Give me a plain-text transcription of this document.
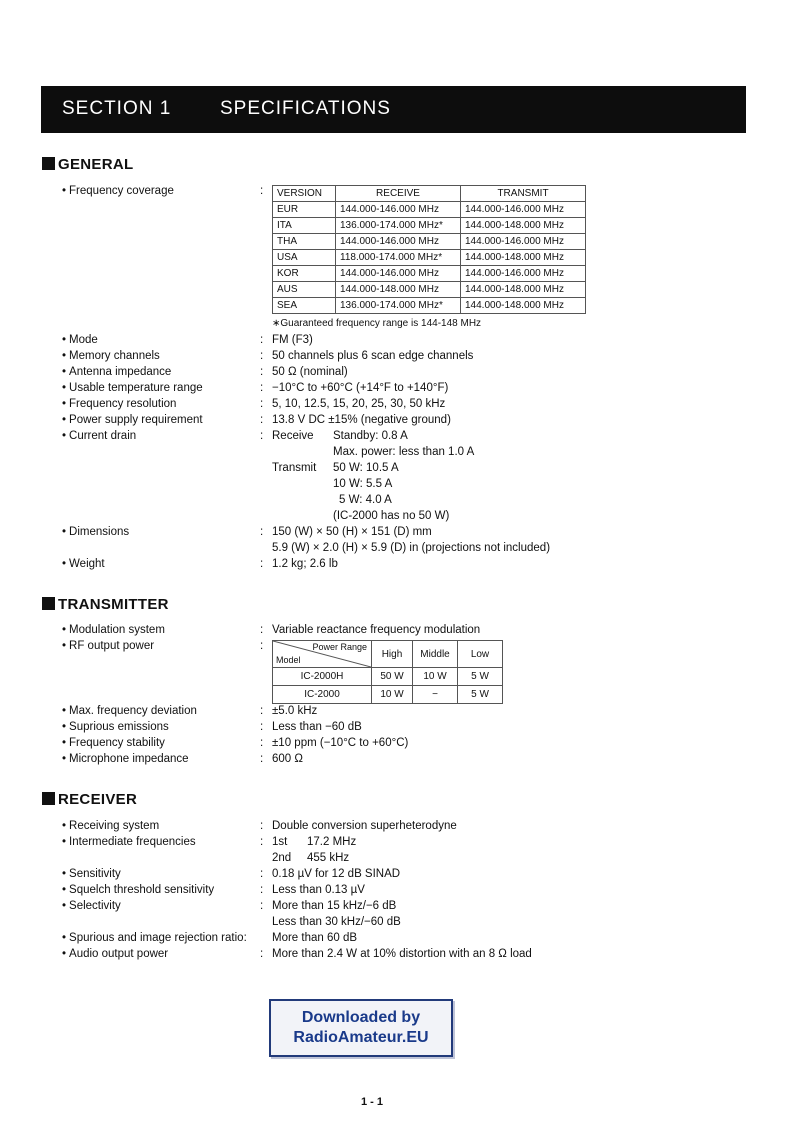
SECTION 1	SPECIFICATIONS
GENERAL
• Frequency coverage	: VERSION	RECEIVE	TRANSMIT
EUR	144.000-146.000 MHz	144.000-146.000 MHz
ITA	136.000-174.000 MHz*	144.000-148.000 MHz
THA	144.000-146.000 MHz	144.000-146.000 MHz
USA	118.000-174.000 MHz*	144.000-148.000 MHz
KOR	144.000-146.000 MHz	144.000-146.000 MHz
AUS	144.000-148.000 MHz	144.000-148.000 MHz
SEA	136.000-174.000 MHz*	144.000-148.000 MHz
∗Guaranteed frequency range is 144-148 MHz
• Mode	: FM (F3)
• Memory channels	: 50 channels plus 6 scan edge channels
• Antenna impedance	: 50 Ω (nominal)
• Usable temperature range	: −10°C to +60°C (+14°F to +140°F)
• Frequency resolution	: 5, 10, 12.5, 15, 20, 25, 30, 50 kHz
• Power supply requirement	: 13.8 V DC ±15% (negative ground)
• Current drain	: Receive Standby: 0.8 A
Max. power: less than 1.0 A
Transmit 50 W: 10.5 A
10 W: 5.5 A
5 W: 4.0 A
(IC-2000 has no 50 W)
• Dimensions	: 150 (W) × 50 (H) × 151 (D) mm
5.9 (W) × 2.0 (H) × 5.9 (D) in (projections not included)
• Weight	: 1.2 kg; 2.6 lb
TRANSMITTER
• Modulation system	: Variable reactance frequency modulation
• RF output power	:	Power Range
Model	High	Middle	Low
IC-2000H	50 W	10 W	5 W
IC-2000	10 W	−	5 W
• Max. frequency deviation	: ±5.0 kHz
• Suprious emissions	: Less than −60 dB
• Frequency stability	: ±10 ppm (−10°C to +60°C)
• Microphone impedance	: 600 Ω
RECEIVER
• Receiving system	: Double conversion superheterodyne
• Intermediate frequencies	: 1st 17.2 MHz
2nd 455 kHz
• Sensitivity	: 0.18 µV for 12 dB SINAD
• Squelch threshold sensitivity	: Less than 0.13 µV
• Selectivity	: More than 15 kHz/−6 dB
Less than 30 kHz/−60 dB
• Spurious and image rejection ratio: More than 60 dB
• Audio output power	: More than 2.4 W at 10% distortion with an 8 Ω load
Downloaded by
RadioAmateur.EU
1 - 1
